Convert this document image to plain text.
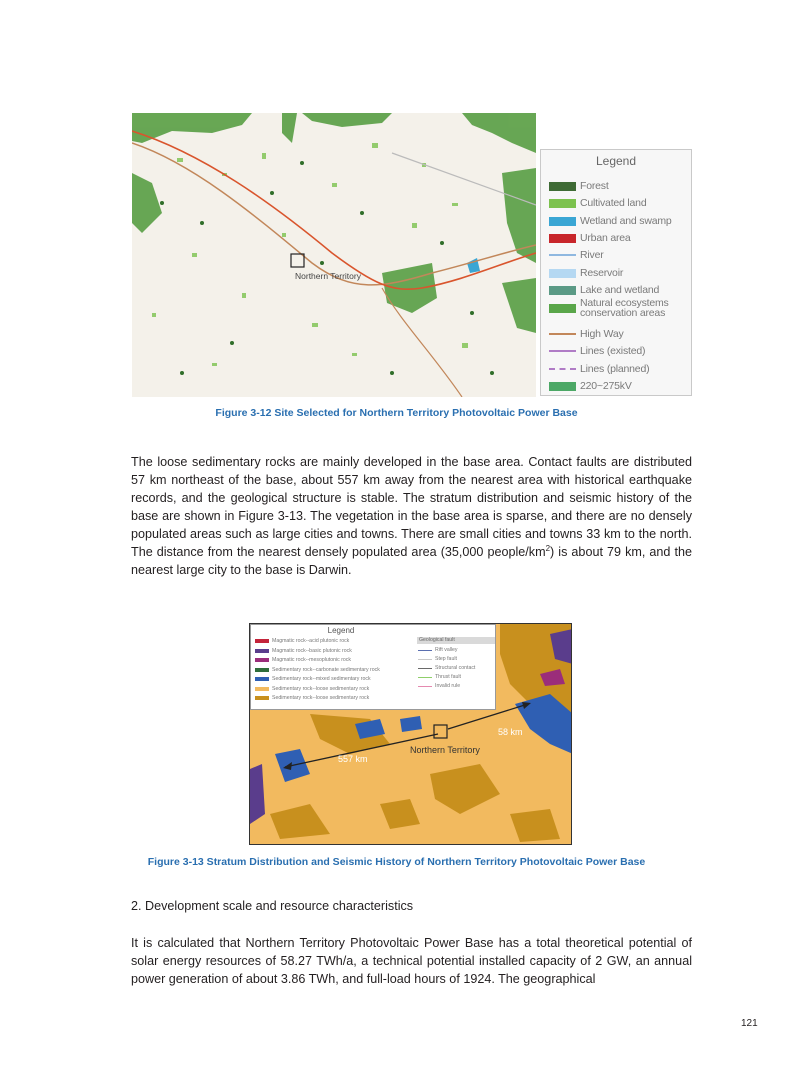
Northern Territory
Legend
Forest
Cultivated land
Wetland and swamp
Urban area
River
Reservoir
Lake and wetland
Natural ecosystems conservation areas
High Way
Lines (existed)
Lines (planned)
220~275kV
Figure 3-12 Site Selected for Northern Territory Photovoltaic Power Base
The loose sedimentary rocks are mainly developed in the base area. Contact faults are distributed 57 km northeast of the base, about 557 km away from the nearest area with historical earthquake records, and the geological structure is stable. The stratum distribution and seismic history of the base are shown in Figure 3-13. The vegetation in the base area is sparse, and there are no densely populated areas such as large cities and towns. There are small cities and towns 33 km to the north. The distance from the nearest densely populated area (35,000 people/$km^2$) is about 79 km, and the nearest large city to the base is Darwin.
Northern Territory
58 km
557 km
Legend
Geological fault
Magmatic rock--acid plutonic rock
Magmatic rock--basic plutonic rock
Magmatic rock--mesoplutonic rock
Sedimentary rock--carbonate sedimentary rock
Sedimentary rock--mixed sedimentary rock
Sedimentary rock--loose sedimentary rock
Sedimentary rock--loose sedimentary rock
Rift valley
Step fault
Structural contact
Thrust fault
Invalid rule
Figure 3-13 Stratum Distribution and Seismic History of Northern Territory Photovoltaic Power Base
2. Development scale and resource characteristics
It is calculated that Northern Territory Photovoltaic Power Base has a total theoretical potential of solar energy resources of 58.27 TWh/a, a technical potential installed capacity of 2 GW, an annual power generation of about 3.86 TWh, and full-load hours of 1924. The geographical
121
